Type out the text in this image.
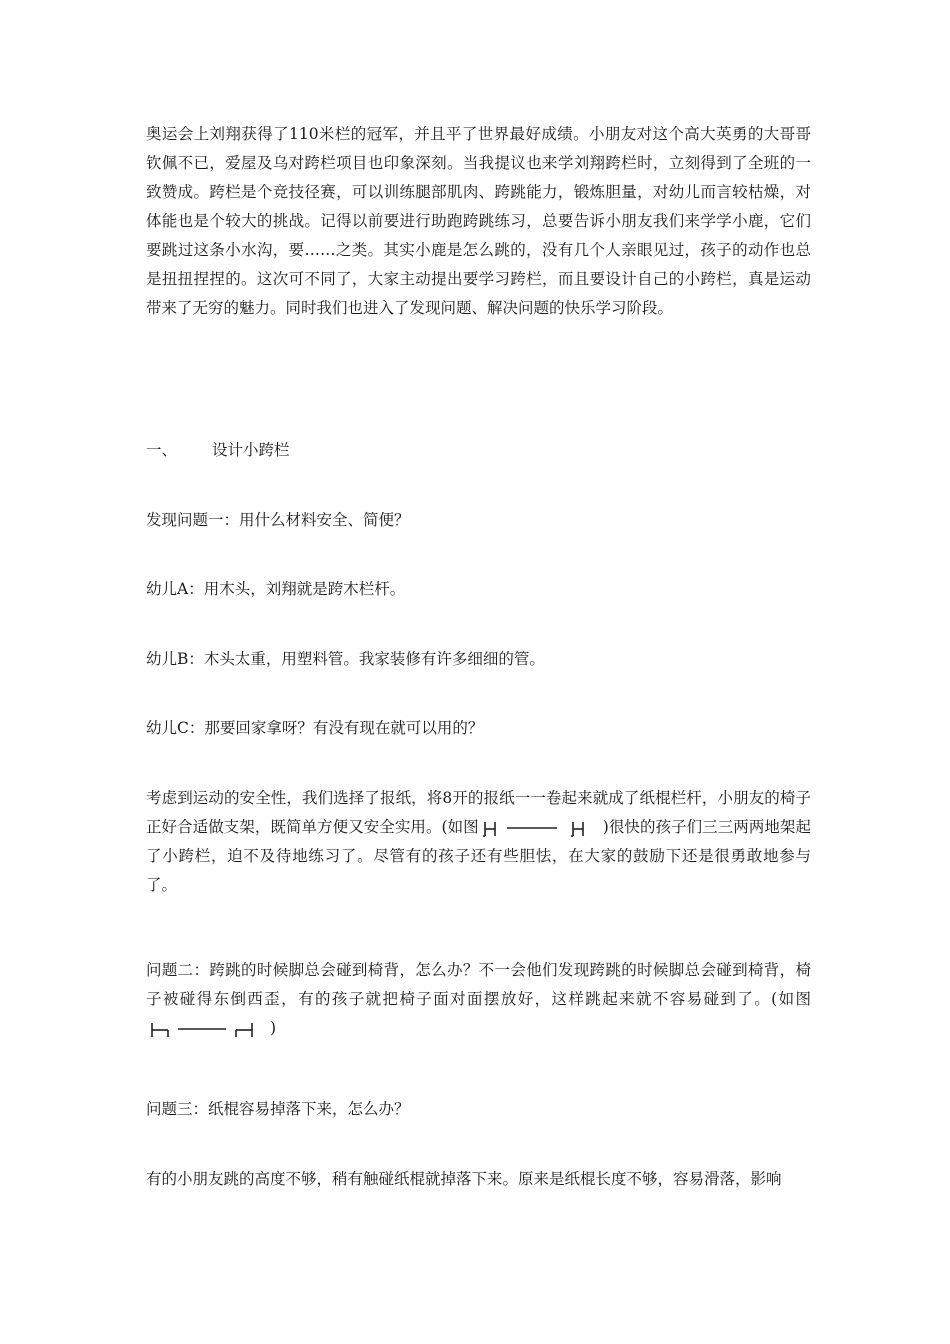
奥运会上刘翔获得了110米栏的冠军，并且平了世界最好成绩。小朋友对这个高大英勇的大哥哥钦佩不已，爱屋及乌对跨栏项目也印象深刻。当我提议也来学刘翔跨栏时，立刻得到了全班的一致赞成。跨栏是个竞技径赛，可以训练腿部肌肉、跨跳能力，锻炼胆量，对幼儿而言较枯燥，对体能也是个较大的挑战。记得以前要进行助跑跨跳练习，总要告诉小朋友我们来学学小鹿，它们要跳过这条小水沟，要……之类。其实小鹿是怎么跳的，没有几个人亲眼见过，孩子的动作也总是扭扭捏捏的。这次可不同了，大家主动提出要学习跨栏，而且要设计自己的小跨栏，真是运动带来了无穷的魅力。同时我们也进入了发现问题、解决问题的快乐学习阶段。

一、 设计小跨栏

发现问题一：用什么材料安全、简便？

幼儿A：用木头，刘翔就是跨木栏杆。

幼儿B：木头太重，用塑料管。我家装修有许多细细的管。

幼儿C：那要回家拿呀？有没有现在就可以用的？

考虑到运动的安全性，我们选择了报纸，将8开的报纸一一卷起来就成了纸棍栏杆，小朋友的椅子正好合适做支架，既简单方便又安全实用。(如图	)很快的孩子们三三两两地架起了小跨栏，迫不及待地练习了。尽管有的孩子还有些胆怯，在大家的鼓励下还是很勇敢地参与了。

问题二：跨跳的时候脚总会碰到椅背，怎么办？不一会他们发现跨跳的时候脚总会碰到椅背，椅子被碰得东倒西歪，有的孩子就把椅子面对面摆放好，这样跳起来就不容易碰到了。(如图
)

问题三：纸棍容易掉落下来，怎么办？

有的小朋友跳的高度不够，稍有触碰纸棍就掉落下来。原来是纸棍长度不够，容易滑落，影响
